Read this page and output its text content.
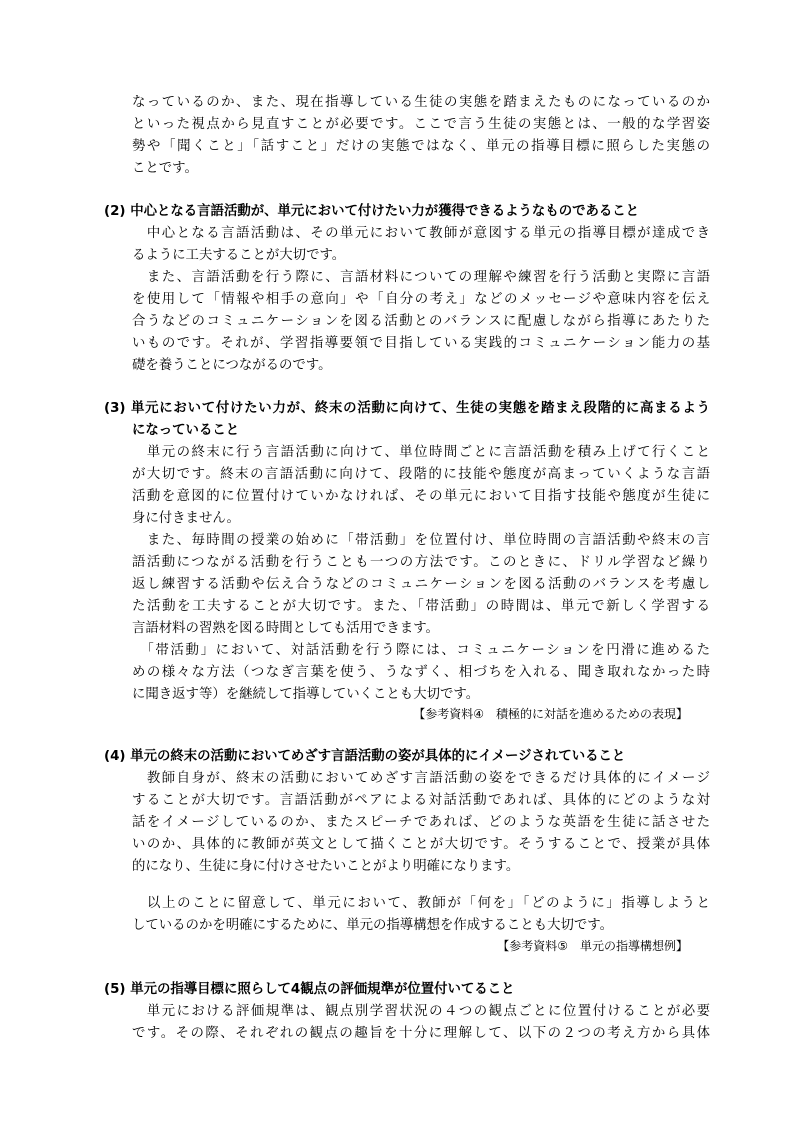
なっているのか、また、現在指導している生徒の実態を踏まえたものになっているのか
といった視点から見直すことが必要です。ここで言う生徒の実態とは、一般的な学習姿
勢や「聞くこと」「話すこと」だけの実態ではなく、単元の指導目標に照らした実態の
ことです。
(2) 中心となる言語活動が、単元において付けたい力が獲得できるようなものであること
　中心となる言語活動は、その単元において教師が意図する単元の指導目標が達成でき
るように工夫することが大切です。
　また、言語活動を行う際に、言語材料についての理解や練習を行う活動と実際に言語
を使用して「情報や相手の意向」や「自分の考え」などのメッセージや意味内容を伝え
合うなどのコミュニケーションを図る活動とのバランスに配慮しながら指導にあたりた
いものです。それが、学習指導要領で目指している実践的コミュニケーション能力の基
礎を養うことにつながるのです。
(3) 単元において付けたい力が、終末の活動に向けて、生徒の実態を踏まえ段階的に高まるよう
になっていること
　単元の終末に行う言語活動に向けて、単位時間ごとに言語活動を積み上げて行くこと
が大切です。終末の言語活動に向けて、段階的に技能や態度が高まっていくような言語
活動を意図的に位置付けていかなければ、その単元において目指す技能や態度が生徒に
身に付きません。
　また、毎時間の授業の始めに「帯活動」を位置付け、単位時間の言語活動や終末の言
語活動につながる活動を行うことも一つの方法です。このときに、ドリル学習など繰り
返し練習する活動や伝え合うなどのコミュニケーションを図る活動のバランスを考慮し
た活動を工夫することが大切です。また、「帯活動」の時間は、単元で新しく学習する
言語材料の習熟を図る時間としても活用できます。
　「帯活動」において、対話活動を行う際には、コミュニケーションを円滑に進めるた
めの様々な方法（つなぎ言葉を使う、うなずく、相づちを入れる、聞き取れなかった時
に聞き返す等）を継続して指導していくことも大切です。
【参考資料④　積極的に対話を進めるための表現】
(4) 単元の終末の活動においてめざす言語活動の姿が具体的にイメージされていること
　教師自身が、終末の活動においてめざす言語活動の姿をできるだけ具体的にイメージ
することが大切です。言語活動がペアによる対話活動であれば、具体的にどのような対
話をイメージしているのか、またスピーチであれば、どのような英語を生徒に話させた
いのか、具体的に教師が英文として描くことが大切です。そうすることで、授業が具体
的になり、生徒に身に付けさせたいことがより明確になります。
　以上のことに留意して、単元において、教師が「何を」「どのように」指導しようと
しているのかを明確にするために、単元の指導構想を作成することも大切です。
【参考資料⑤　単元の指導構想例】
(5) 単元の指導目標に照らして4観点の評価規準が位置付いてること
　単元における評価規準は、観点別学習状況の４つの観点ごとに位置付けることが必要
です。その際、それぞれの観点の趣旨を十分に理解して、以下の２つの考え方から具体
